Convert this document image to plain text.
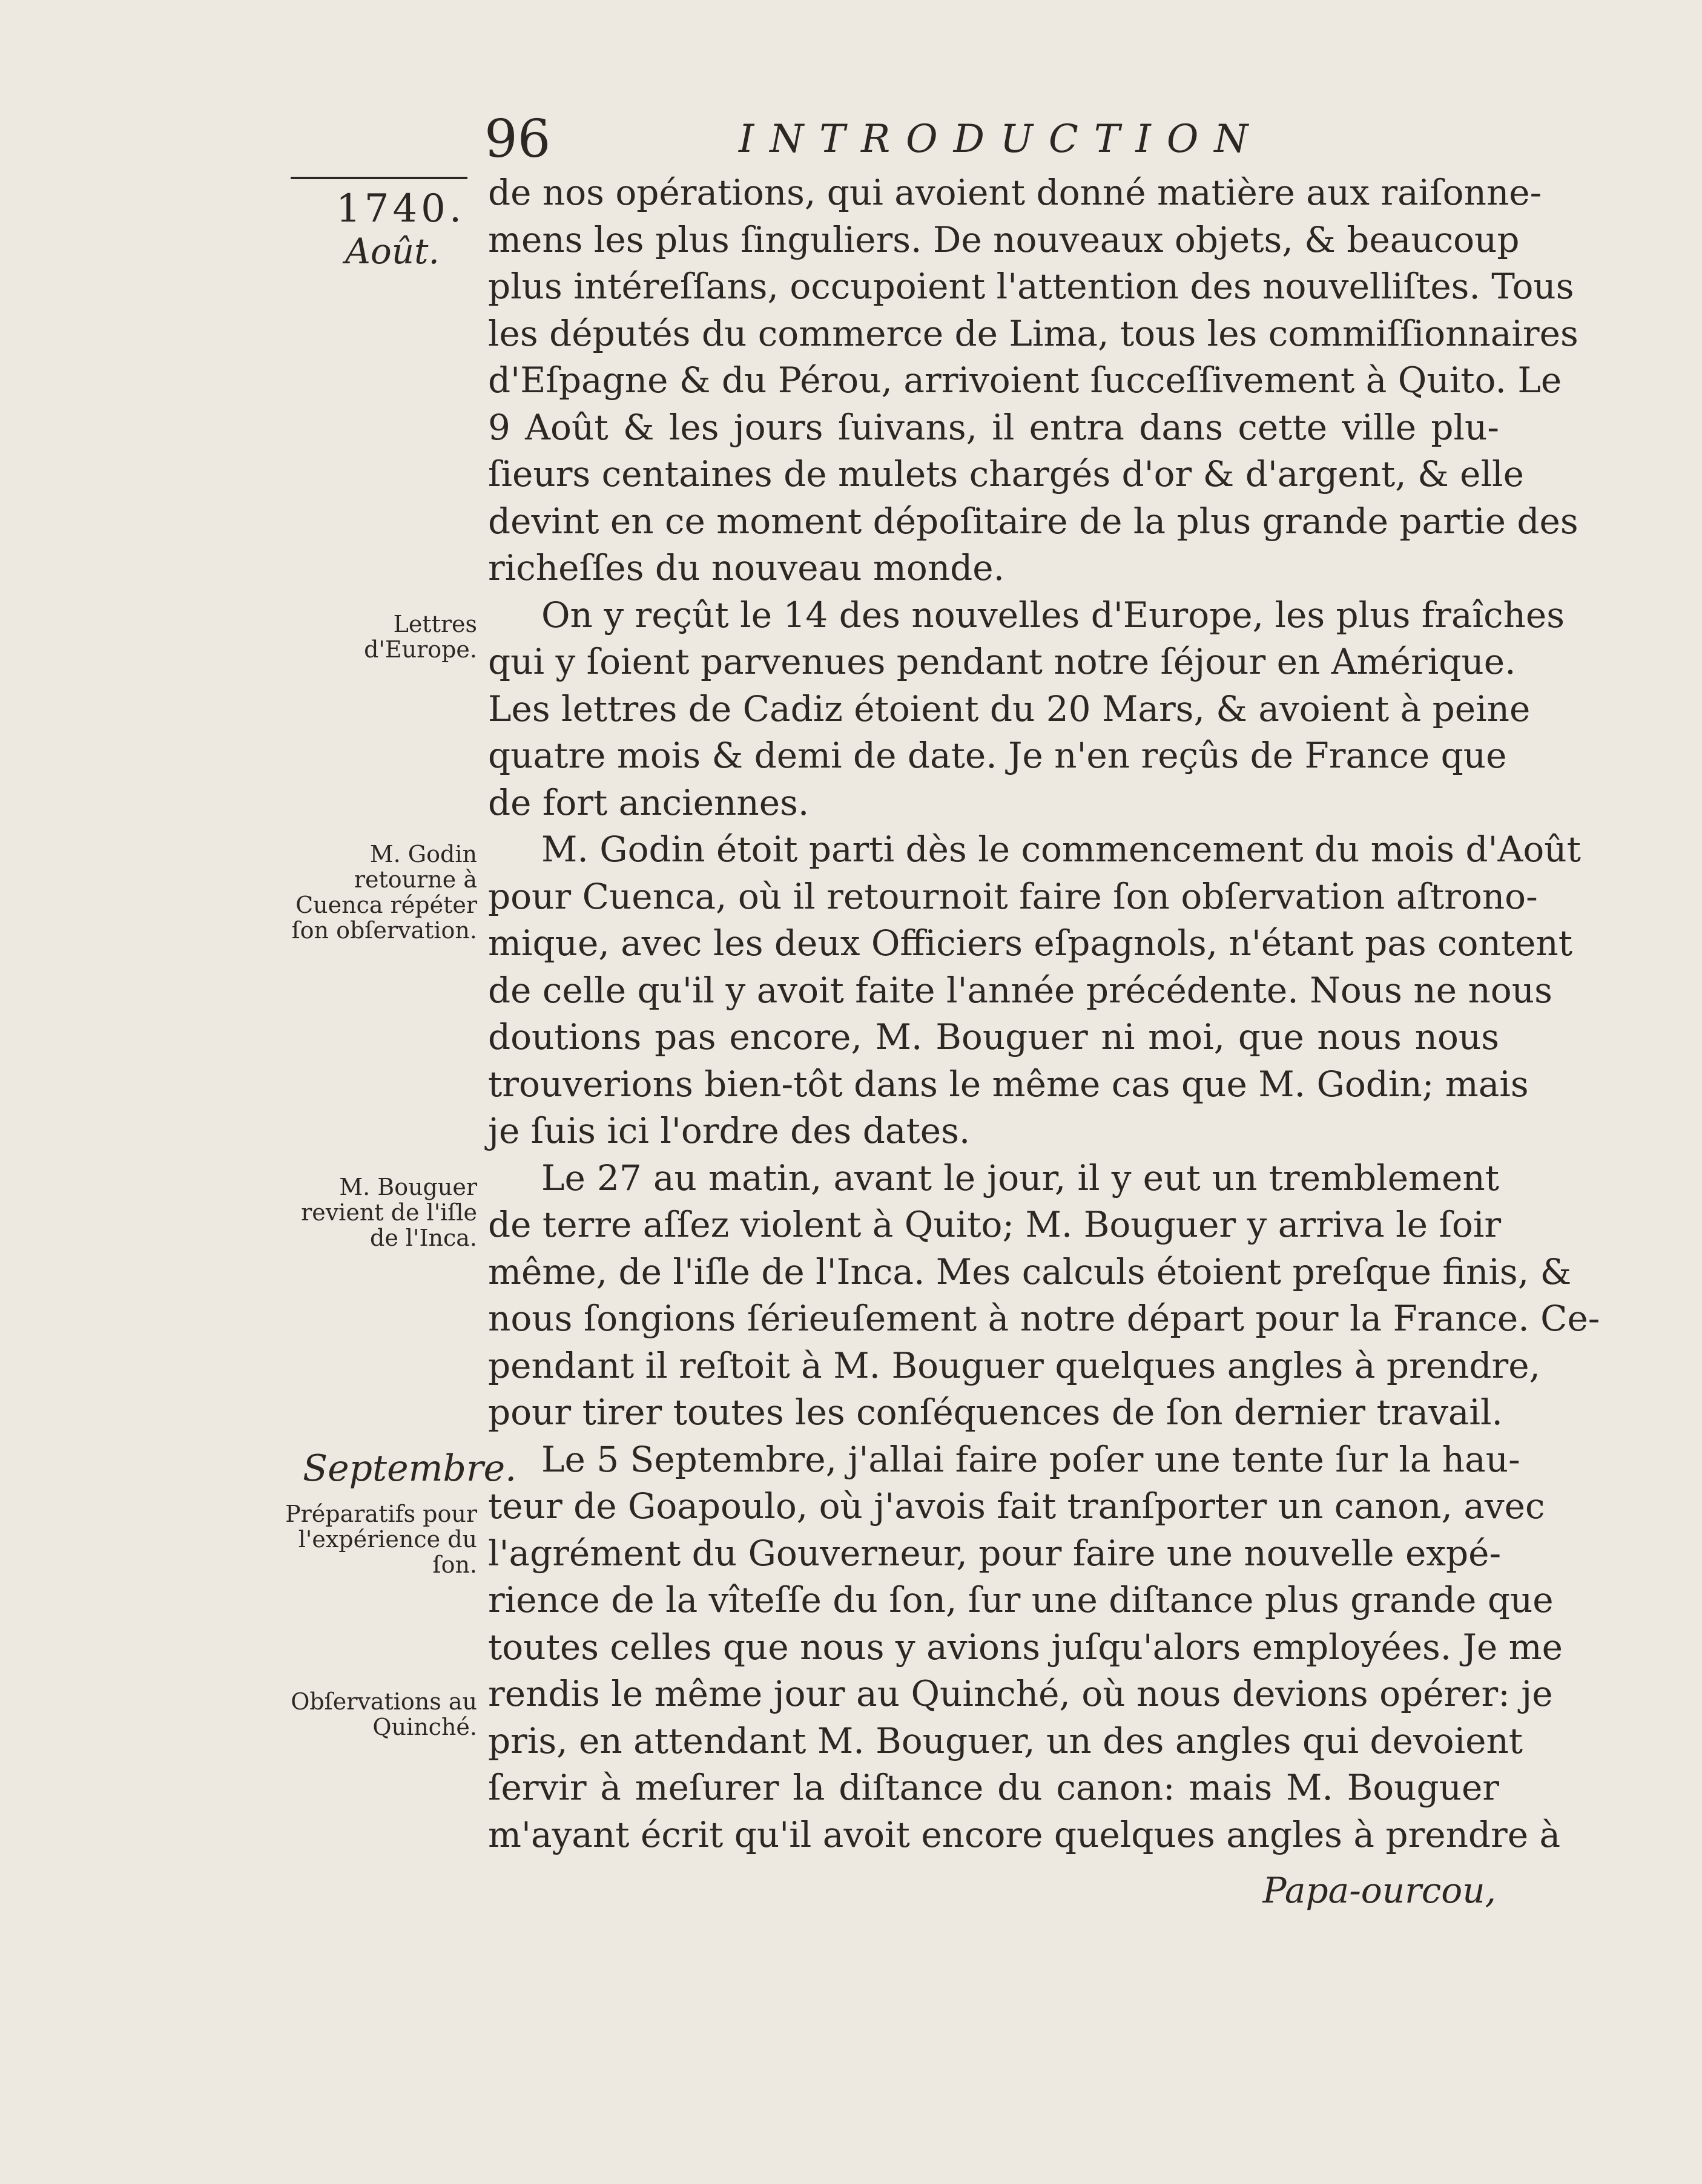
96	INTRODUCTION
1740.
Août.
Lettres d'Europe.
M. Godin retourne à Cuenca répéter ſon obſervation.
M. Bouguer revient de l'iſle de l'Inca.
Septembre.
Préparatifs pour l'expérience du ſon.
Obſervations au Quinché.
de nos opérations, qui avoient donné matière aux raiſonne-
mens les plus ſinguliers. De nouveaux objets, & beaucoup
plus intéreſſans, occupoient l'attention des nouvelliſtes. Tous
les députés du commerce de Lima, tous les commiſſionnaires
d'Eſpagne & du Pérou, arrivoient ſucceſſivement à Quito. Le
9 Août & les jours ſuivans, il entra dans cette ville plu-
ſieurs centaines de mulets chargés d'or & d'argent, & elle
devint en ce moment dépoſitaire de la plus grande partie des
richeſſes du nouveau monde.
On y reçût le 14 des nouvelles d'Europe, les plus fraîches
qui y ſoient parvenues pendant notre ſéjour en Amérique.
Les lettres de Cadiz étoient du 20 Mars, & avoient à peine
quatre mois & demi de date. Je n'en reçûs de France que
de fort anciennes.
M. Godin étoit parti dès le commencement du mois d'Août
pour Cuenca, où il retournoit faire ſon obſervation aſtrono-
mique, avec les deux Officiers eſpagnols, n'étant pas content
de celle qu'il y avoit faite l'année précédente. Nous ne nous
doutions pas encore, M. Bouguer ni moi, que nous nous
trouverions bien-tôt dans le même cas que M. Godin; mais
je ſuis ici l'ordre des dates.
Le 27 au matin, avant le jour, il y eut un tremblement
de terre aſſez violent à Quito; M. Bouguer y arriva le ſoir
même, de l'iſle de l'Inca. Mes calculs étoient preſque finis, &
nous ſongions ſérieuſement à notre départ pour la France. Ce-
pendant il reſtoit à M. Bouguer quelques angles à prendre,
pour tirer toutes les conſéquences de ſon dernier travail.
Le 5 Septembre, j'allai faire poſer une tente ſur la hau-
teur de Goapoulo, où j'avois fait tranſporter un canon, avec
l'agrément du Gouverneur, pour faire une nouvelle expé-
rience de la vîteſſe du ſon, ſur une diſtance plus grande que
toutes celles que nous y avions juſqu'alors employées. Je me
rendis le même jour au Quinché, où nous devions opérer: je
pris, en attendant M. Bouguer, un des angles qui devoient
ſervir à meſurer la diſtance du canon: mais M. Bouguer
m'ayant écrit qu'il avoit encore quelques angles à prendre à
Papa-ourcou,
